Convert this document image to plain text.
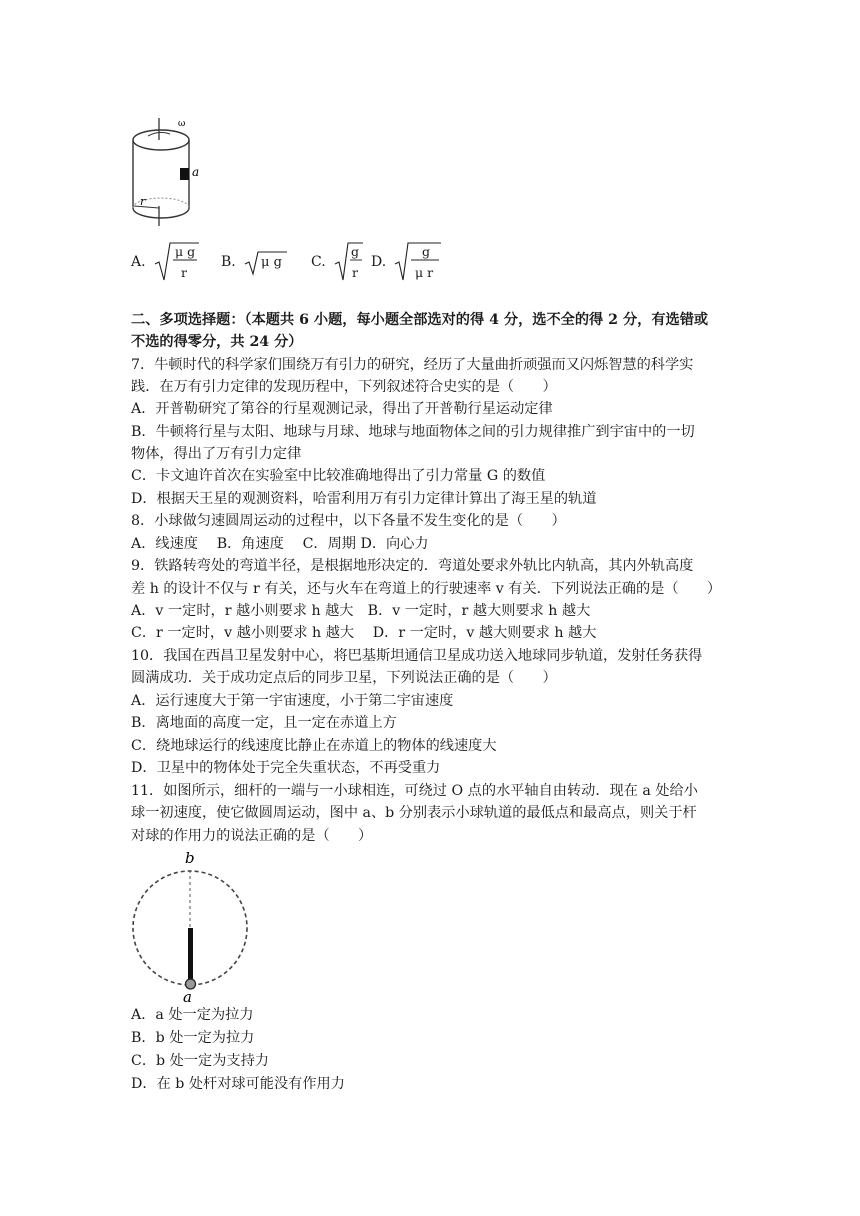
ω
a
r
A.
μ g
r
B. μ g C.
g
r
D.
g
μ r
二、多项选择题：（本题共 6 小题，每小题全部选对的得 4 分，选不全的得 2 分，有选错或
不选的得零分，共 24 分）
7．牛顿时代的科学家们围绕万有引力的研究，经历了大量曲折顽强而又闪烁智慧的科学实
践．在万有引力定律的发现历程中，下列叙述符合史实的是（　　）
A．开普勒研究了第谷的行星观测记录，得出了开普勒行星运动定律
B．牛顿将行星与太阳、地球与月球、地球与地面物体之间的引力规律推广到宇宙中的一切
物体，得出了万有引力定律
C．卡文迪许首次在实验室中比较准确地得出了引力常量 G 的数值
D．根据天王星的观测资料，哈雷利用万有引力定律计算出了海王星的轨道
8．小球做匀速圆周运动的过程中，以下各量不发生变化的是（　　）
A．线速度　 B．角速度　 C．周期 D．向心力
9．铁路转弯处的弯道半径，是根据地形决定的．弯道处要求外轨比内轨高，其内外轨高度
差 h 的设计不仅与 r 有关，还与火车在弯道上的行驶速率 v 有关．下列说法正确的是（　　）
A．v 一定时，r 越小则要求 h 越大　B．v 一定时，r 越大则要求 h 越大
C．r 一定时，v 越小则要求 h 越大　 D．r 一定时，v 越大则要求 h 越大
10．我国在西昌卫星发射中心，将巴基斯坦通信卫星成功送入地球同步轨道，发射任务获得
圆满成功．关于成功定点后的同步卫星，下列说法正确的是（　　）
A．运行速度大于第一宇宙速度，小于第二宇宙速度
B．离地面的高度一定，且一定在赤道上方
C．绕地球运行的线速度比静止在赤道上的物体的线速度大
D．卫星中的物体处于完全失重状态，不再受重力
11．如图所示，细杆的一端与一小球相连，可绕过 O 点的水平轴自由转动．现在 a 处给小
球一初速度，使它做圆周运动，图中 a、b 分别表示小球轨道的最低点和最高点，则关于杆
对球的作用力的说法正确的是（　　）
b
a
A．a 处一定为拉力
B．b 处一定为拉力
C．b 处一定为支持力
D．在 b 处杆对球可能没有作用力
